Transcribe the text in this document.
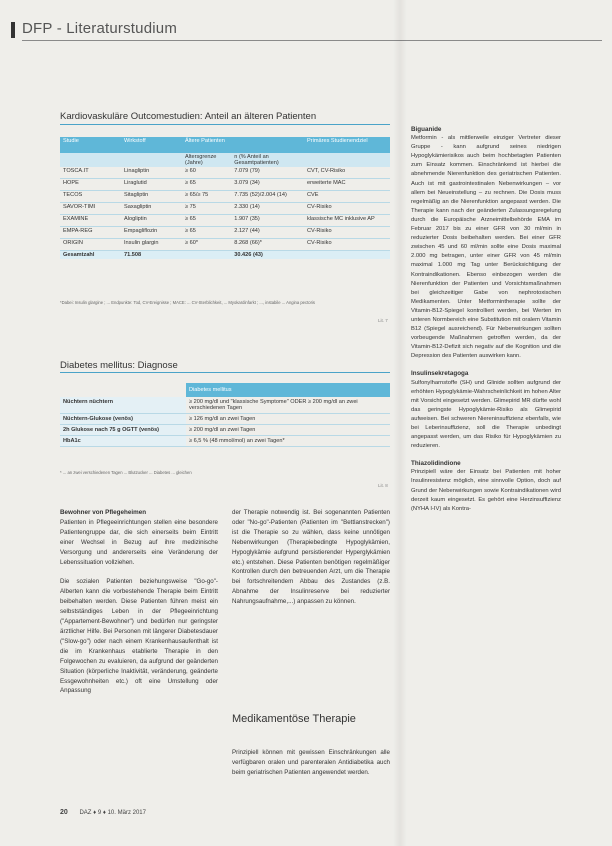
DFP - Literaturstudium
Kardiovaskuläre Outcomestudien: Anteil an älteren Patienten
Studie	Wirkstoff	Ältere Patienten		Primäres Studienendziel
		Altersgrenze (Jahre)	n (% Anteil an Gesamtpatienten)	
TOSCA.IT	Linagliptin	≥ 60	7.079 (79)	CVT, CV-Risiko
HOPE	Liraglutid	≥ 65	3.079 (34)	erweiterte MAC
TECOS	Sitagliptin	≥ 65/≥ 75	7.735 (52)/2.004 (14)	CVE
SAVOR-TIMI	Saxagliptin	≥ 75	2.330 (14)	CV-Risiko
EXAMINE	Alogliptin	≥ 65	1.907 (35)	klassische MC inklusive AP
EMPA-REG	Empagliflozin	≥ 65	2.127 (44)	CV-Risiko
ORIGIN	Insulin glargin	≥ 60*	8.268 (66)*	CV-Risiko
Gesamtzahl	71.508		30.426 (43)	
*Dabei: Insulin glargine ; ... Endpunkte: Tod, CV-Ereignisse ; MACE: ... CV-Sterblichkeit, ... Myokardinfarkt ; ..., instabile ... Angina pectoris
Lit. 7
Diabetes mellitus: Diagnose
	Diabetes mellitus
Nüchtern nüchtern	≥ 200 mg/dl und "klassische Symptome" ODER ≥ 200 mg/dl an zwei verschiedenen Tagen
Nüchtern-Glukose (venös)	≥ 126 mg/dl an zwei Tagen
2h Glukose nach 75 g OGTT (venös)	≥ 200 mg/dl an zwei Tagen
HbA1c	≥ 6,5 % (48 mmol/mol) an zwei Tagen*
* ... an zwei verschiedenen Tagen ... Blutzucker ... Diabetes ... gleichen
Lit. 8

Bewohner von Pflegeheimen

Patienten in Pflegeeinrichtungen stellen eine besondere Patientengruppe dar, die sich einerseits beim Eintritt einer Wechsel in Bezug auf ihre medizinische Versorgung und andererseits eine Veränderung der Lebenssituation vollziehen.

Die sozialen Patienten beziehungsweise "Go-go"-Alberten kann die vorbestehende Therapie beim Eintritt beibehalten werden. Diese Patienten führen meist ein selbstständiges Leben in der Pflegeeinrichtung ("Appartement-Bewohner") und bedürfen nur geringster ärztlicher Hilfe. Bei Personen mit längerer Diabetesdauer ("Slow-go") oder nach einem Krankenhausaufenthalt ist die im Krankenhaus etablierte Therapie in den Folgewochen zu evaluieren, da aufgrund der geänderten Situation (körperliche Inaktivität, veränderung, geänderte Essgewohnheiten etc.) oft eine Umstellung oder Anpassung

der Therapie notwendig ist. Bei sogenannten Patienten oder "No-go"-Patienten (Patienten im "Bettlanstrecken") ist die Therapie so zu wählen, dass keine unnötigen Nebenwirkungen (Therapiebedingte Hypoglykämien, Hypoglykämie aufgrund persistierender Hyperglykämien etc.) entstehen. Diese Patienten benötigen regelmäßiger Kontrollen durch den betreuenden Arzt, um die Therapie bei fortschreitendem Abbau des Zustandes (z.B. Abnahme der Insulinreserve bei reduzierter Nahrungsaufnahme,...) anpassen zu können.

Medikamentöse Therapie

Prinzipiell können mit gewissen Einschränkungen alle verfügbaren oralen und parenteralen Antidiabetika auch beim geriatrischen Patienten angewendet werden.

Biguanide

Metformin - als mittlerweile einziger Vertreter dieser Gruppe - kann aufgrund seines niedrigen Hypoglykämierisikos auch beim hochbetagten Patienten zum Einsatz kommen. Einschränkend ist hierbei die abnehmende Nierenfunktion des geriatrischen Patienten. Auch ist mit gastrointestinalen Nebenwirkungen – vor allem bei Neueinstellung – zu rechnen. Die Dosis muss regelmäßig an die Nierenfunktion angepasst werden. Die Therapie kann nach der geänderten Zulassungsregelung durch die Europäische Arzneimittelbehörde EMA im Februar 2017 bis zu einer GFR von 30 ml/min in reduzierter Dosis beibehalten werden. Bei einer GFR zwischen 45 und 60 ml/min sollte eine Dosis maximal 2.000 mg betragen, unter einer GFR von 45 ml/min maximal 1.000 mg Tag unter Berücksichtigung der Kontraindikationen. Ebenso einbezogen werden die Nierenfunktion der Patienten und Vorsichtsmaßnahmen bei gleichzeitiger Gabe von nephrotoxischen Medikamenten. Unter Metformintherapie sollte der Vitamin-B12-Spiegel kontrolliert werden, bei Werten im unteren Normbereich eine Substitution mit oralem Vitamin B12 (Spiegel ausreichend). Für Nebenwirkungen sollten vorbeugende Maßnahmen getroffen werden, da der Vitamin-B12-Defizit sich negativ auf die Kognition und die Depression des Patienten auswirken kann.

Insulinsekretagoga

Sulfonylharnstoffe (SH) und Glinide sollten aufgrund der erhöhten Hypoglykämie-Wahrscheinlichkeit im hohen Alter mit Vorsicht eingesetzt werden. Glimepirid MR dürfte wohl das geringste Hypoglykämie-Risiko als Glimepirid aufweisen. Bei schweren Niereninsuffizienz ebenfalls, wie bei Leberinsuffizienz, soll die Therapie unbedingt angepasst werden, um das Risiko für Hypoglykämien zu reduzieren.

Thiazolidindione

Prinzipiell wäre der Einsatz bei Patienten mit hoher Insulinresistenz möglich, eine sinnvolle Option, doch auf Grund der Nebenwirkungen sowie Kontraindikationen wird derzeit kaum eingesetzt. Es gehört eine Herzinsuffizienz (NYHA I-IV) als Kontra-

20 DAZ ♦ 9 ♦ 10. März 2017
